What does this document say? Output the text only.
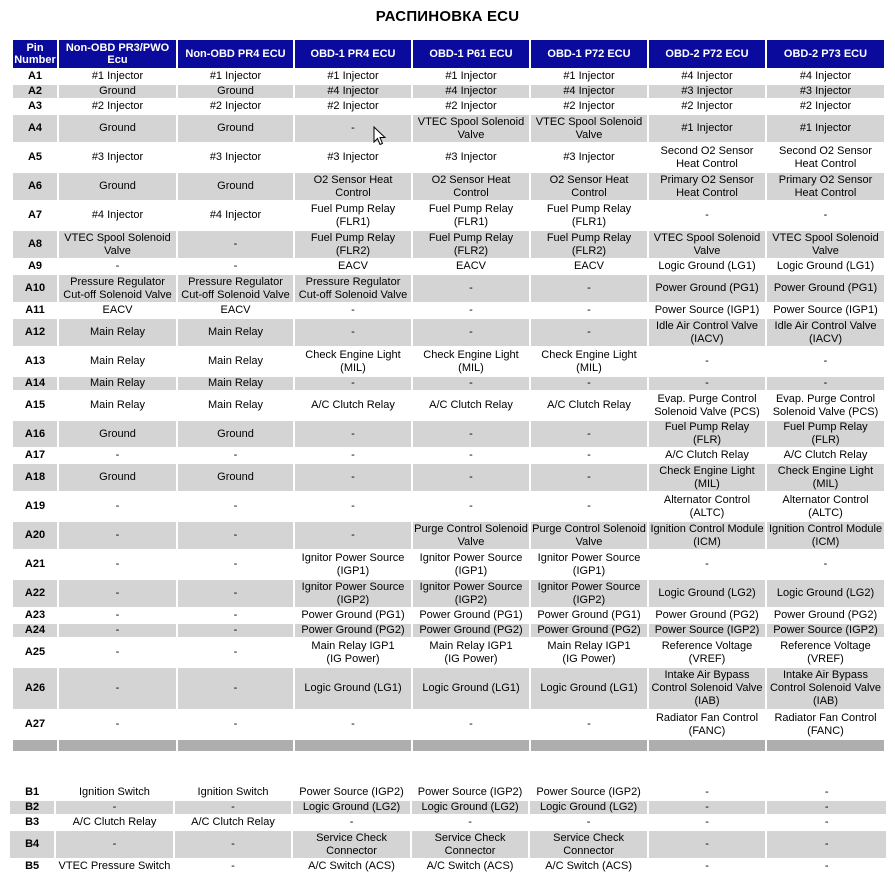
РАСПИНОВКА ECU
Pin Number	Non-OBD PR3/PWO Ecu	Non-OBD PR4 ECU	OBD-1 PR4 ECU	OBD-1 P61 ECU	OBD-1 P72 ECU	OBD-2 P72 ECU	OBD-2 P73 ECU
A1	#1 Injector	#1 Injector	#1 Injector	#1 Injector	#1 Injector	#4 Injector	#4 Injector
A2	Ground	Ground	#4 Injector	#4 Injector	#4 Injector	#3 Injector	#3 Injector
A3	#2 Injector	#2 Injector	#2 Injector	#2 Injector	#2 Injector	#2 Injector	#2 Injector
A4	Ground	Ground	-	VTEC Spool Solenoid
Valve	VTEC Spool Solenoid
Valve	#1 Injector	#1 Injector
A5	#3 Injector	#3 Injector	#3 Injector	#3 Injector	#3 Injector	Second O2 Sensor
Heat Control	Second O2 Sensor
Heat Control
A6	Ground	Ground	O2 Sensor Heat
Control	O2 Sensor Heat
Control	O2 Sensor Heat
Control	Primary O2 Sensor
Heat Control	Primary O2 Sensor
Heat Control
A7	#4 Injector	#4 Injector	Fuel Pump Relay
(FLR1)	Fuel Pump Relay
(FLR1)	Fuel Pump Relay
(FLR1)	-	-
A8	VTEC Spool Solenoid
Valve	-	Fuel Pump Relay
(FLR2)	Fuel Pump Relay
(FLR2)	Fuel Pump Relay
(FLR2)	VTEC Spool Solenoid
Valve	VTEC Spool Solenoid
Valve
A9	-	-	EACV	EACV	EACV	Logic Ground (LG1)	Logic Ground (LG1)
A10	Pressure Regulator
Cut-off Solenoid Valve	Pressure Regulator
Cut-off Solenoid Valve	Pressure Regulator
Cut-off Solenoid Valve	-	-	Power Ground (PG1)	Power Ground (PG1)
A11	EACV	EACV	-	-	-	Power Source (IGP1)	Power Source (IGP1)
A12	Main Relay	Main Relay	-	-	-	Idle Air Control Valve
(IACV)	Idle Air Control Valve
(IACV)
A13	Main Relay	Main Relay	Check Engine Light
(MIL)	Check Engine Light
(MIL)	Check Engine Light
(MIL)	-	-
A14	Main Relay	Main Relay	-	-	-	-	-
A15	Main Relay	Main Relay	A/C Clutch Relay	A/C Clutch Relay	A/C Clutch Relay	Evap. Purge Control
Solenoid Valve (PCS)	Evap. Purge Control
Solenoid Valve (PCS)
A16	Ground	Ground	-	-	-	Fuel Pump Relay (FLR)	Fuel Pump Relay (FLR)
A17	-	-	-	-	-	A/C Clutch Relay	A/C Clutch Relay
A18	Ground	Ground	-	-	-	Check Engine Light
(MIL)	Check Engine Light
(MIL)
A19	-	-	-	-	-	Alternator Control
(ALTC)	Alternator Control
(ALTC)
A20	-	-	-	Purge Control Solenoid
Valve	Purge Control Solenoid
Valve	Ignition Control Module
(ICM)	Ignition Control Module
(ICM)
A21	-	-	Ignitor Power Source
(IGP1)	Ignitor Power Source
(IGP1)	Ignitor Power Source
(IGP1)	-	-
A22	-	-	Ignitor Power Source
(IGP2)	Ignitor Power Source
(IGP2)	Ignitor Power Source
(IGP2)	Logic Ground (LG2)	Logic Ground (LG2)
A23	-	-	Power Ground (PG1)	Power Ground (PG1)	Power Ground (PG1)	Power Ground (PG2)	Power Ground (PG2)
A24	-	-	Power Ground (PG2)	Power Ground (PG2)	Power Ground (PG2)	Power Source (IGP2)	Power Source (IGP2)
A25	-	-	Main Relay IGP1
(IG Power)	Main Relay IGP1
(IG Power)	Main Relay IGP1
(IG Power)	Reference Voltage
(VREF)	Reference Voltage
(VREF)
A26	-	-	Logic Ground (LG1)	Logic Ground (LG1)	Logic Ground (LG1)	Intake Air Bypass
Control Solenoid Valve
(IAB)	Intake Air Bypass
Control Solenoid Valve
(IAB)
A27	-	-	-	-	-	Radiator Fan Control
(FANC)	Radiator Fan Control
(FANC)

B1	Ignition Switch	Ignition Switch	Power Source (IGP2)	Power Source (IGP2)	Power Source (IGP2)	-	-
B2	-	-	Logic Ground (LG2)	Logic Ground (LG2)	Logic Ground (LG2)	-	-
B3	A/C Clutch Relay	A/C Clutch Relay	-	-	-	-	-
B4	-	-	Service Check
Connector	Service Check
Connector	Service Check
Connector	-	-
B5	VTEC Pressure Switch	-	A/C Switch (ACS)	A/C Switch (ACS)	A/C Switch (ACS)	-	-
